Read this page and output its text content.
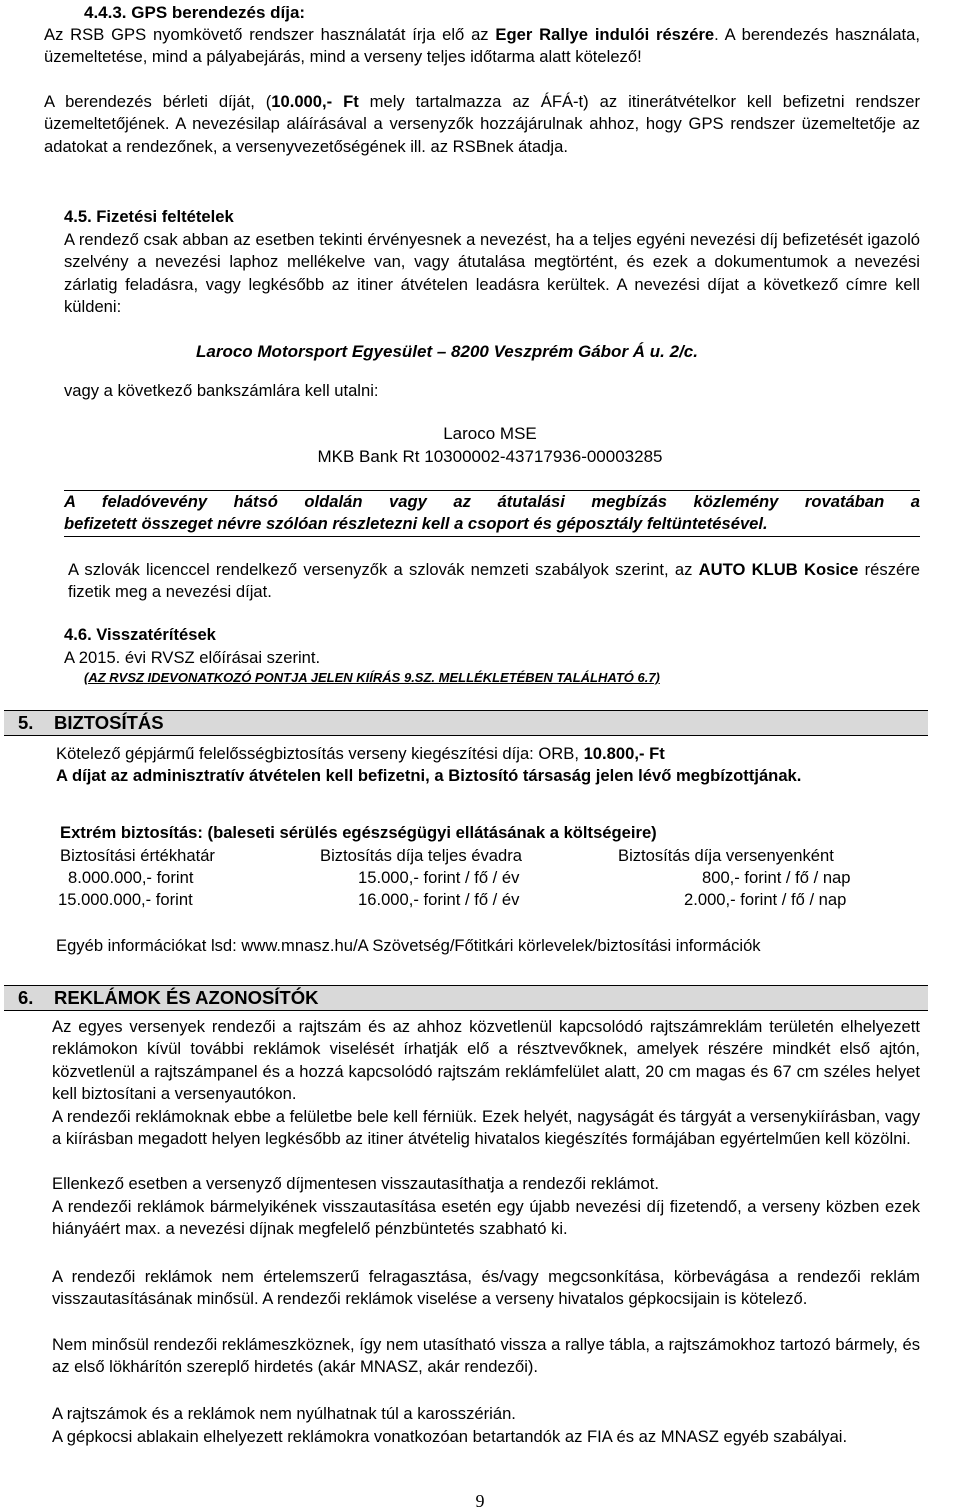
4.4.3. GPS berendezés díja:
Az RSB GPS nyomkövető rendszer használatát írja elő az Eger Rallye indulói részére. A berendezés használata, üzemeltetése, mind a pályabejárás, mind a verseny teljes időtarma alatt kötelező!
A berendezés bérleti díját, (10.000,- Ft mely tartalmazza az ÁFÁ-t) az itinerátvételkor kell befizetni rendszer üzemeltetőjének. A nevezésilap aláírásával a versenyzők hozzájárulnak ahhoz, hogy GPS rendszer üzemeltetője az adatokat a rendezőnek, a versenyvezetőségének ill. az RSBnek átadja.
4.5. Fizetési feltételek
A rendező csak abban az esetben tekinti érvényesnek a nevezést, ha a teljes egyéni nevezési díj befizetését igazoló szelvény a nevezési laphoz mellékelve van, vagy átutalása megtörtént, és ezek a dokumentumok a nevezési zárlatig feladásra, vagy legkésőbb az itiner átvételen leadásra kerültek. A nevezési díjat a következő címre kell küldeni:
Laroco Motorsport Egyesület – 8200 Veszprém Gábor Á u. 2/c.
vagy a következő bankszámlára kell utalni:
Laroco MSE
MKB Bank Rt 10300002-43717936-00003285
A feladóvevény hátsó oldalán vagy az átutalási megbízás közlemény rovatában a
befizetett összeget névre szólóan részletezni kell a csoport és géposztály feltüntetésével.
A szlovák licenccel rendelkező versenyzők a szlovák nemzeti szabályok szerint, az AUTO KLUB Kosice részére fizetik meg a nevezési díjat.
4.6. Visszatérítések
A 2015. évi RVSZ előírásai szerint.
(AZ RVSZ IDEVONATKOZÓ PONTJA JELEN KIÍRÁS 9.SZ. MELLÉKLETÉBEN TALÁLHATÓ 6.7)
5. BIZTOSÍTÁS
Kötelező gépjármű felelősségbiztosítás verseny kiegészítési díja: ORB, 10.800,- Ft
A díjat az adminisztratív átvételen kell befizetni, a Biztosító társaság jelen lévő megbízottjának.
Extrém biztosítás: (baleseti sérülés egészségügyi ellátásának a költségeire)
Biztosítási értékhatár	Biztosítás díja teljes évadra	Biztosítás díja versenyenként
8.000.000,- forint	15.000,- forint / fő / év	800,- forint / fő / nap
15.000.000,- forint	16.000,- forint / fő / év	2.000,- forint / fő / nap
Egyéb információkat lsd: www.mnasz.hu/A Szövetség/Főtitkári körlevelek/biztosítási információk
6. REKLÁMOK ÉS AZONOSÍTÓK
Az egyes versenyek rendezői a rajtszám és az ahhoz közvetlenül kapcsolódó rajtszámreklám területén elhelyezett reklámokon kívül további reklámok viselését írhatják elő a résztvevőknek, amelyek részére mindkét első ajtón, közvetlenül a rajtszámpanel és a hozzá kapcsolódó rajtszám reklámfelület alatt, 20 cm magas és 67 cm széles helyet kell biztosítani a versenyautókon.
A rendezői reklámoknak ebbe a felületbe bele kell férniük. Ezek helyét, nagyságát és tárgyát a versenykiírásban, vagy a kiírásban megadott helyen legkésőbb az itiner átvételig hivatalos kiegészítés formájában egyértelműen kell közölni.
Ellenkező esetben a versenyző díjmentesen visszautasíthatja a rendezői reklámot.
A rendezői reklámok bármelyikének visszautasítása esetén egy újabb nevezési díj fizetendő, a verseny közben ezek hiányáért max. a nevezési díjnak megfelelő pénzbüntetés szabható ki.
A rendezői reklámok nem értelemszerű felragasztása, és/vagy megcsonkítása, körbevágása a rendezői reklám visszautasításának minősül. A rendezői reklámok viselése a verseny hivatalos gépkocsijain is kötelező.
Nem minősül rendezői reklámeszköznek, így nem utasítható vissza a rallye tábla, a rajtszámokhoz tartozó bármely, és az első lökhárítón szereplő hirdetés (akár MNASZ, akár rendezői).
A rajtszámok és a reklámok nem nyúlhatnak túl a karosszérián.
A gépkocsi ablakain elhelyezett reklámokra vonatkozóan betartandók az FIA és az MNASZ egyéb szabályai.
9
